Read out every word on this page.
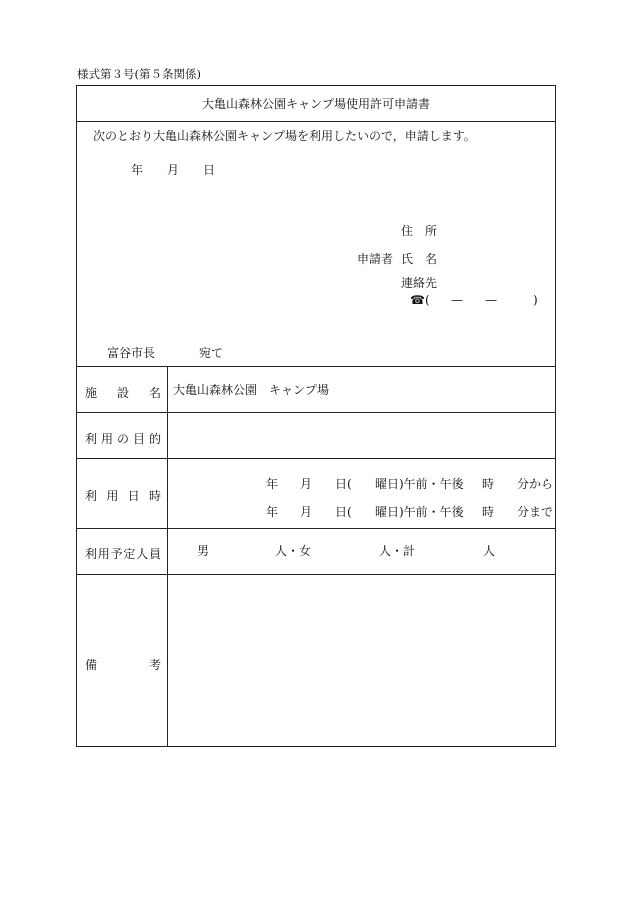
様式第３号(第５条関係)
大亀山森林公園キャンプ場使用許可申請書
次のとおり大亀山森林公園キャンプ場を利用したいので，申請します。
年 月 日
住　所
申請者 氏　名
連絡先
☎ ( — —	)
富谷市長	宛て
施 設 名 大亀山森林公園　キャンプ場
利 用 の 目 的
利 用 日 時
年 月 日( 曜日)午前・午後 時 分から
年 月 日( 曜日)午前・午後 時 分まで
利 用 予 定 人 員	男	人・女	人・計	人
備	考
